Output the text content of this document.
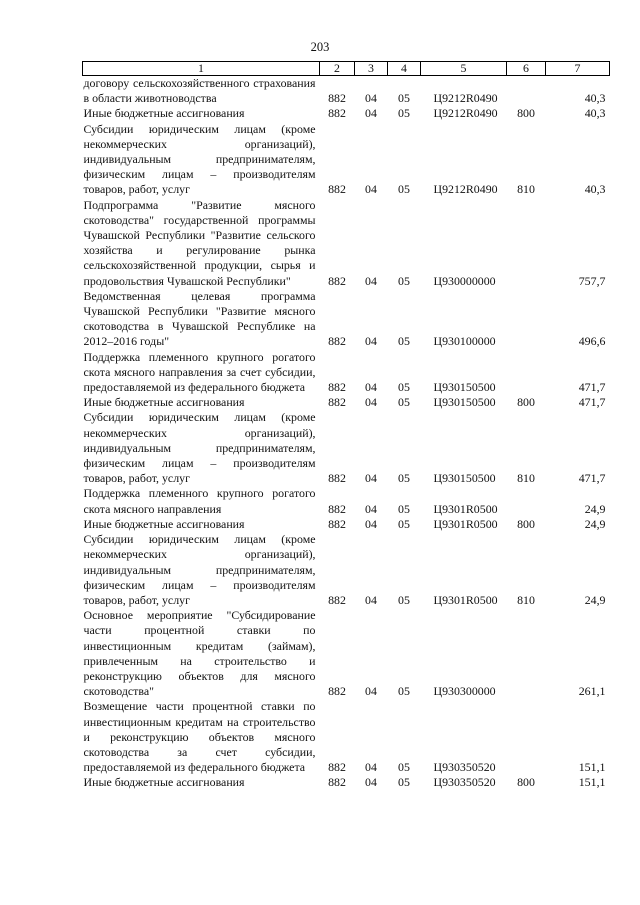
203
1	2	3	4	5	6	7
договору сельскохозяйственного страхования в области животноводства	882	04	05	Ц9212R0490		40,3
Иные бюджетные ассигнования	882	04	05	Ц9212R0490	800	40,3
Субсидии юридическим лицам (кроме некоммерческих организаций), индивидуальным предпринимателям, физическим лицам – производителям товаров, работ, услуг	882	04	05	Ц9212R0490	810	40,3
Подпрограмма "Развитие мясного скотоводства" государственной программы Чувашской Республики "Развитие сельского хозяйства и регулирование рынка сельскохозяйственной продукции, сырья и продовольствия Чувашской Республики"	882	04	05	Ц930000000		757,7
Ведомственная целевая программа Чувашской Республики "Развитие мясного скотоводства в Чувашской Республике на 2012–2016 годы"	882	04	05	Ц930100000		496,6
Поддержка племенного крупного рогатого скота мясного направления за счет субсидии, предоставляемой из федерального бюджета	882	04	05	Ц930150500		471,7
Иные бюджетные ассигнования	882	04	05	Ц930150500	800	471,7
Субсидии юридическим лицам (кроме некоммерческих организаций), индивидуальным предпринимателям, физическим лицам – производителям товаров, работ, услуг	882	04	05	Ц930150500	810	471,7
Поддержка племенного крупного рогатого скота мясного направления	882	04	05	Ц9301R0500		24,9
Иные бюджетные ассигнования	882	04	05	Ц9301R0500	800	24,9
Субсидии юридическим лицам (кроме некоммерческих организаций), индивидуальным предпринимателям, физическим лицам – производителям товаров, работ, услуг	882	04	05	Ц9301R0500	810	24,9
Основное мероприятие "Субсидирование части процентной ставки по инвестиционным кредитам (займам), привлеченным на строительство и реконструкцию объектов для мясного скотоводства"	882	04	05	Ц930300000		261,1
Возмещение части процентной ставки по инвестиционным кредитам на строительство и реконструкцию объектов мясного скотоводства за счет субсидии, предоставляемой из федерального бюджета	882	04	05	Ц930350520		151,1
Иные бюджетные ассигнования	882	04	05	Ц930350520	800	151,1
